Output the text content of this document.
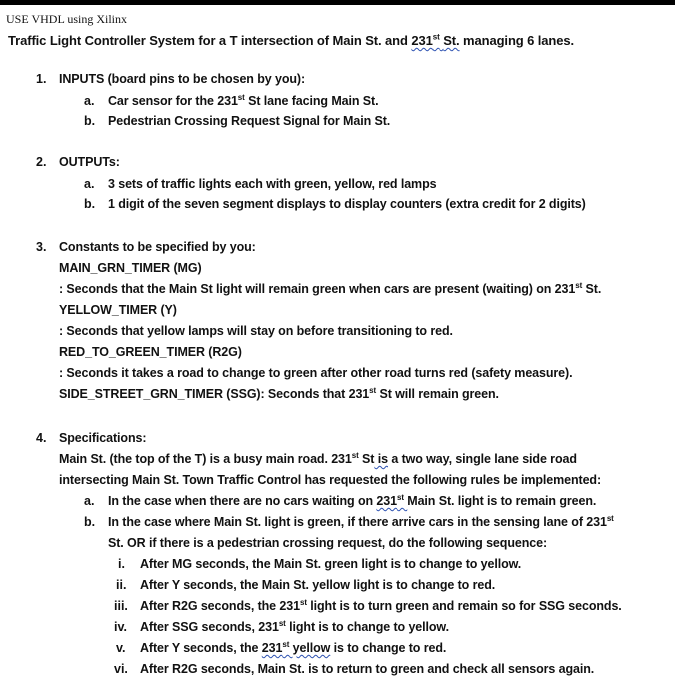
USE VHDL using Xilinx
Traffic Light Controller System for a T intersection of Main St. and 231st St. managing 6 lanes.
1. INPUTS (board pins to be chosen by you):
a. Car sensor for the 231st St lane facing Main St.
b. Pedestrian Crossing Request Signal for Main St.
2. OUTPUTs:
a. 3 sets of traffic lights each with green, yellow, red lamps
b. 1 digit of the seven segment displays to display counters (extra credit for 2 digits)
3. Constants to be specified by you:
MAIN_GRN_TIMER (MG)
: Seconds that the Main St light will remain green when cars are present (waiting) on 231st St.
YELLOW_TIMER (Y)
: Seconds that yellow lamps will stay on before transitioning to red.
RED_TO_GREEN_TIMER (R2G)
: Seconds it takes a road to change to green after other road turns red (safety measure).
SIDE_STREET_GRN_TIMER (SSG): Seconds that 231st St will remain green.
4. Specifications:
Main St. (the top of the T) is a busy main road. 231st St is a two way, single lane side road
intersecting Main St. Town Traffic Control has requested the following rules be implemented:
a. In the case when there are no cars waiting on 231st Main St. light is to remain green.
b. In the case where Main St. light is green, if there arrive cars in the sensing lane of 231st
St. OR if there is a pedestrian crossing request, do the following sequence:
i. After MG seconds, the Main St. green light is to change to yellow.
ii. After Y seconds, the Main St. yellow light is to change to red.
iii. After R2G seconds, the 231st light is to turn green and remain so for SSG seconds.
iv. After SSG seconds, 231st light is to change to yellow.
v. After Y seconds, the 231st yellow is to change to red.
vi. After R2G seconds, Main St. is to return to green and check all sensors again.
